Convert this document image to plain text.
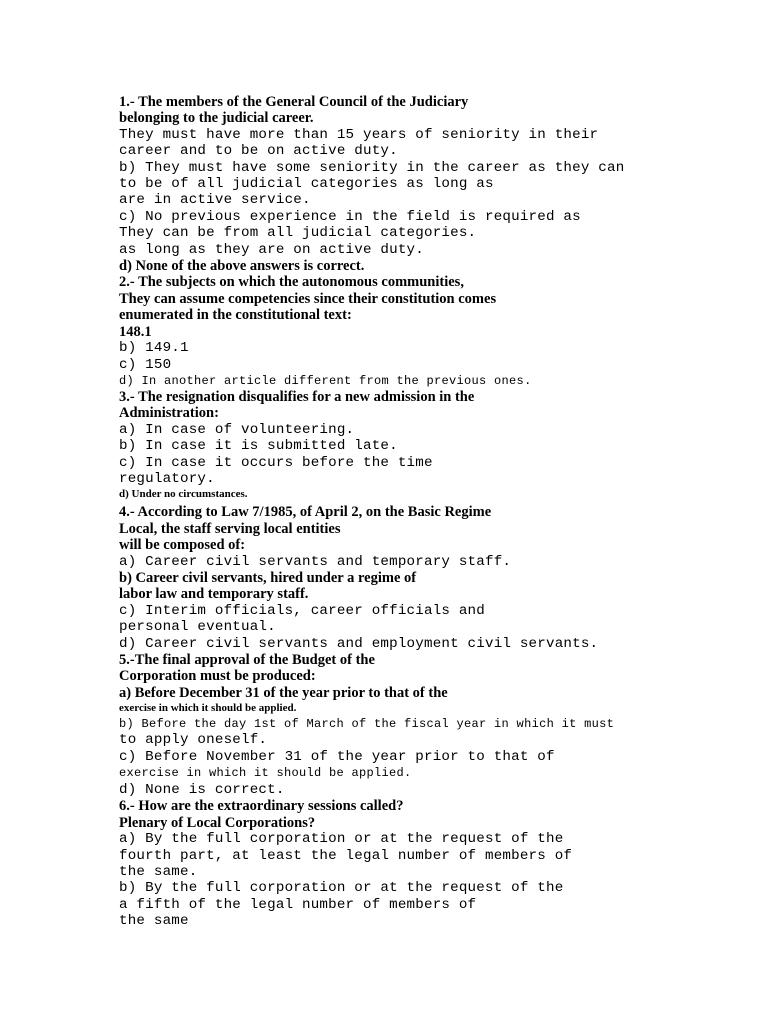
1.- The members of the General Council of the Judiciary
belonging to the judicial career.
They must have more than 15 years of seniority in their
career and to be on active duty.
b) They must have some seniority in the career as they can
to be of all judicial categories as long as
are in active service.
c) No previous experience in the field is required as
They can be from all judicial categories.
as long as they are on active duty.
d) None of the above answers is correct.
2.- The subjects on which the autonomous communities,
They can assume competencies since their constitution comes
enumerated in the constitutional text:
148.1
b) 149.1
c) 150
d) In another article different from the previous ones.
3.- The resignation disqualifies for a new admission in the
Administration:
a) In case of volunteering.
b) In case it is submitted late.
c) In case it occurs before the time
regulatory.
d) Under no circumstances.
4.- According to Law 7/1985, of April 2, on the Basic Regime
Local, the staff serving local entities
will be composed of:
a) Career civil servants and temporary staff.
b) Career civil servants, hired under a regime of
labor law and temporary staff.
c) Interim officials, career officials and
personal eventual.
d) Career civil servants and employment civil servants.
5.-The final approval of the Budget of the
Corporation must be produced:
a) Before December 31 of the year prior to that of the
exercise in which it should be applied.
b) Before the day 1st of March of the fiscal year in which it must
to apply oneself.
c) Before November 31 of the year prior to that of
exercise in which it should be applied.
d) None is correct.
6.- How are the extraordinary sessions called?
Plenary of Local Corporations?
a) By the full corporation or at the request of the
fourth part, at least the legal number of members of
the same.
b) By the full corporation or at the request of the
a fifth of the legal number of members of
the same
